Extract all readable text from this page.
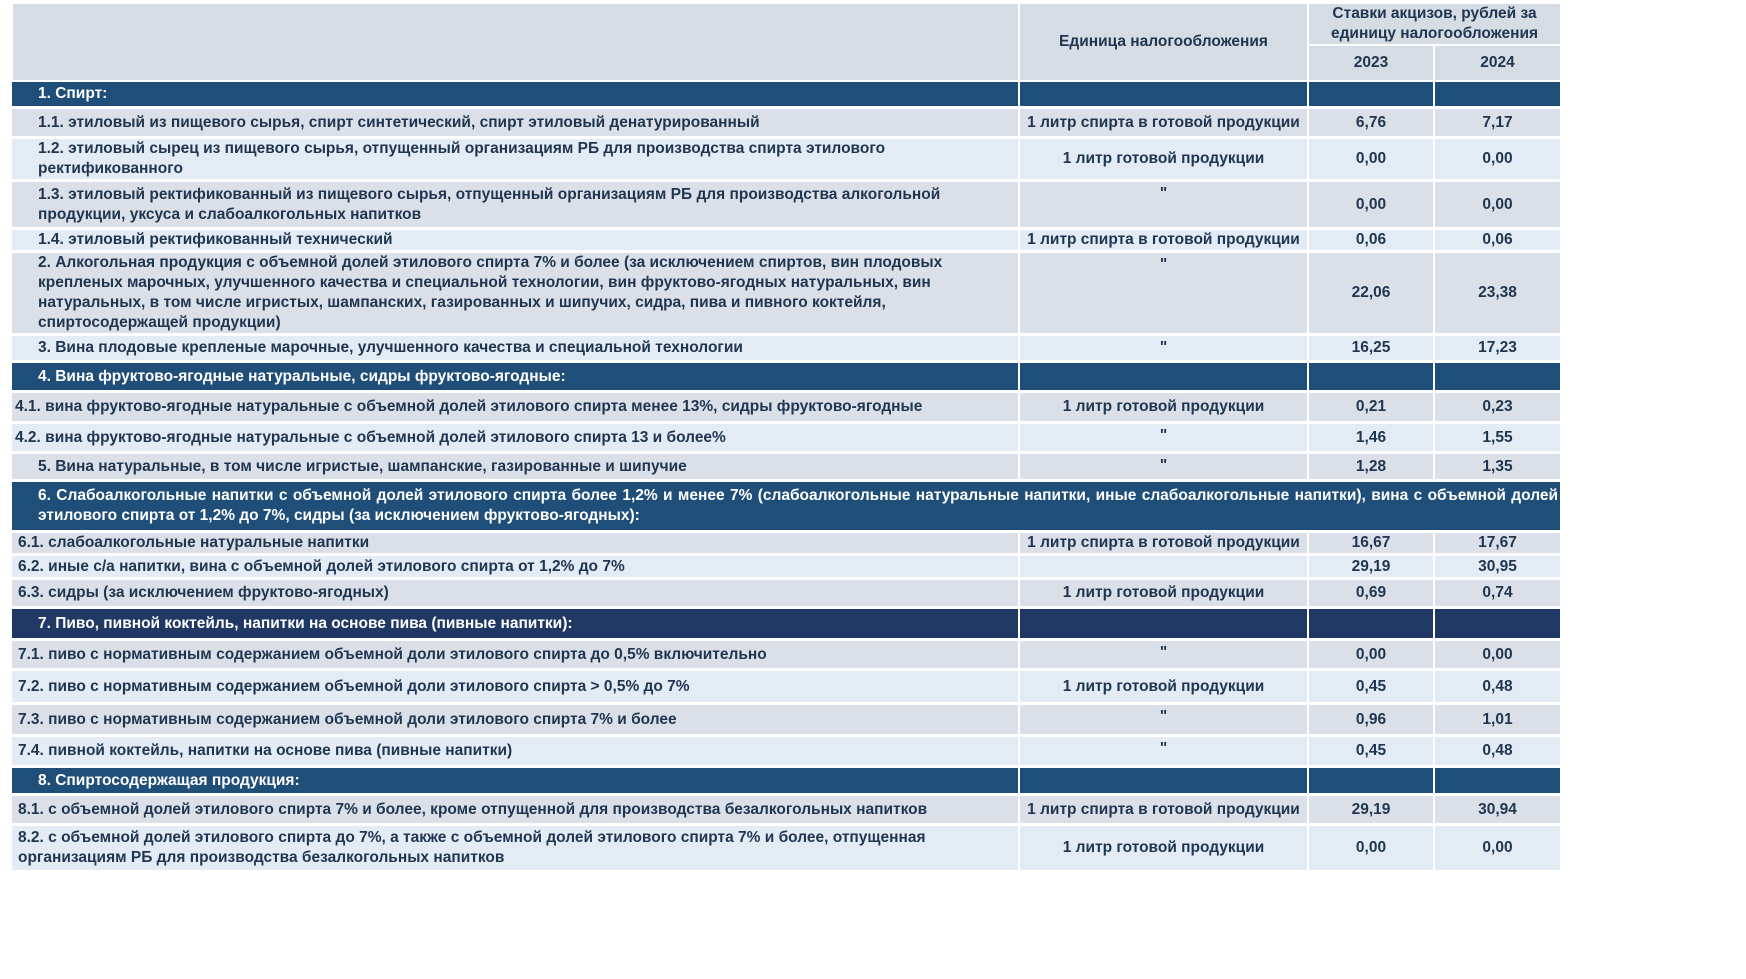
	Единица налогообложения	Ставки акцизов, рублей за единицу налогообложения	
		2023	2024
1. Спирт:			
1.1. этиловый из пищевого сырья, спирт синтетический, спирт этиловый денатурированный	1 литр спирта в готовой продукции	6,76	7,17
1.2. этиловый сырец из пищевого сырья, отпущенный организациям РБ для производства спирта этилового ректификованного	1 литр готовой продукции	0,00	0,00
1.3. этиловый ректификованный из пищевого сырья, отпущенный организациям РБ для производства алкогольной продукции, уксуса и слабоалкогольных напитков	"	0,00	0,00
1.4. этиловый ректификованный технический	1 литр спирта в готовой продукции	0,06	0,06
2. Алкогольная продукция с объемной долей этилового спирта 7% и более (за исключением спиртов, вин плодовых крепленых марочных, улучшенного качества и специальной технологии, вин фруктово-ягодных натуральных, вин натуральных, в том числе игристых, шампанских, газированных и шипучих, сидра, пива и пивного коктейля, спиртосодержащей продукции)	"	22,06	23,38
3. Вина плодовые крепленые марочные, улучшенного качества и специальной технологии	"	16,25	17,23
4. Вина фруктово-ягодные натуральные, сидры фруктово-ягодные:			
4.1. вина фруктово-ягодные натуральные с объемной долей этилового спирта менее 13%, сидры фруктово-ягодные	1 литр готовой продукции	0,21	0,23
4.2. вина фруктово-ягодные натуральные с объемной долей этилового спирта 13 и более%	"	1,46	1,55
5. Вина натуральные, в том числе игристые, шампанские, газированные и шипучие	"	1,28	1,35
6. Слабоалкогольные напитки с объемной долей этилового спирта более 1,2% и менее 7% (слабоалкогольные натуральные напитки, иные слабоалкогольные напитки), вина с объемной долей этилового спирта от 1,2% до 7%, сидры (за исключением фруктово-ягодных):			
6.1. слабоалкогольные натуральные напитки	1 литр спирта в готовой продукции	16,67	17,67
6.2. иные с/а напитки, вина с объемной долей этилового спирта от 1,2% до 7%		29,19	30,95
6.3. сидры (за исключением фруктово-ягодных)	1 литр готовой продукции	0,69	0,74
7. Пиво, пивной коктейль, напитки на основе пива (пивные напитки):			
7.1. пиво с нормативным содержанием объемной доли этилового спирта до 0,5% включительно	"	0,00	0,00
7.2. пиво с нормативным содержанием объемной доли этилового спирта > 0,5% до 7%	1 литр готовой продукции	0,45	0,48
7.3. пиво с нормативным содержанием объемной доли этилового спирта 7% и более	"	0,96	1,01
7.4. пивной коктейль, напитки на основе пива (пивные напитки)	"	0,45	0,48
8. Спиртосодержащая продукция:			
8.1. с объемной долей этилового спирта 7% и более, кроме отпущенной для производства безалкогольных напитков	1 литр спирта в готовой продукции	29,19	30,94
8.2. с объемной долей этилового спирта до 7%, а также с объемной долей этилового спирта 7% и более, отпущенная организациям РБ для производства безалкогольных напитков	1 литр готовой продукции	0,00	0,00
